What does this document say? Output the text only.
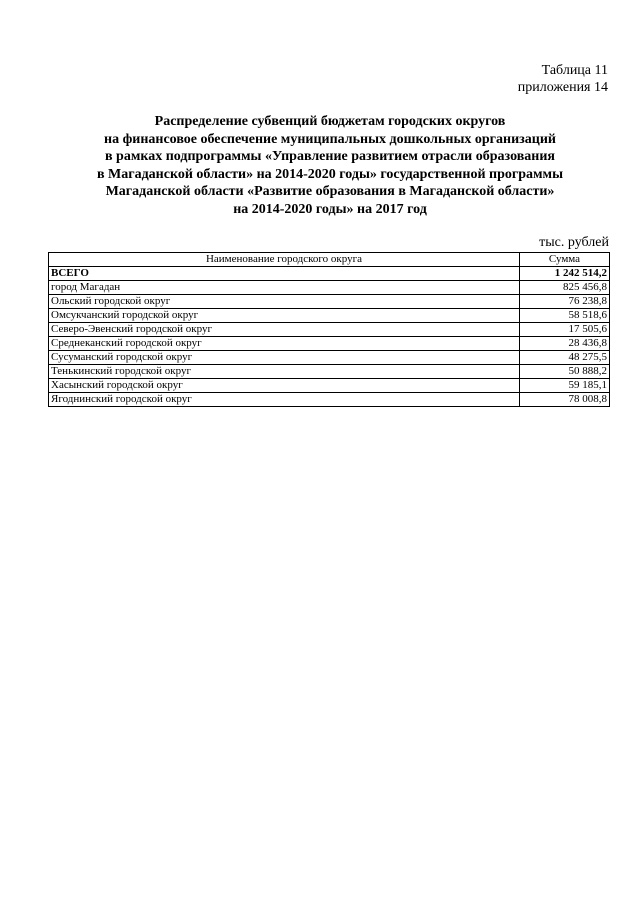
Таблица 11
приложения 14
Распределение субвенций бюджетам городских округов
на финансовое обеспечение муниципальных дошкольных организаций
в рамках подпрограммы «Управление развитием отрасли образования
в Магаданской области» на 2014-2020 годы» государственной программы
Магаданской области «Развитие образования в Магаданской области»
на 2014-2020 годы» на 2017 год
тыс. рублей
Наименование городского округа	Сумма
ВСЕГО	1 242 514,2
город Магадан	825 456,8
Ольский городской округ	76 238,8
Омсукчанский городской округ	58 518,6
Северо-Эвенский городской округ	17 505,6
Среднеканский городской округ	28 436,8
Сусуманский городской округ	48 275,5
Тенькинский городской округ	50 888,2
Хасынский городской округ	59 185,1
Ягоднинский городской округ	78 008,8
